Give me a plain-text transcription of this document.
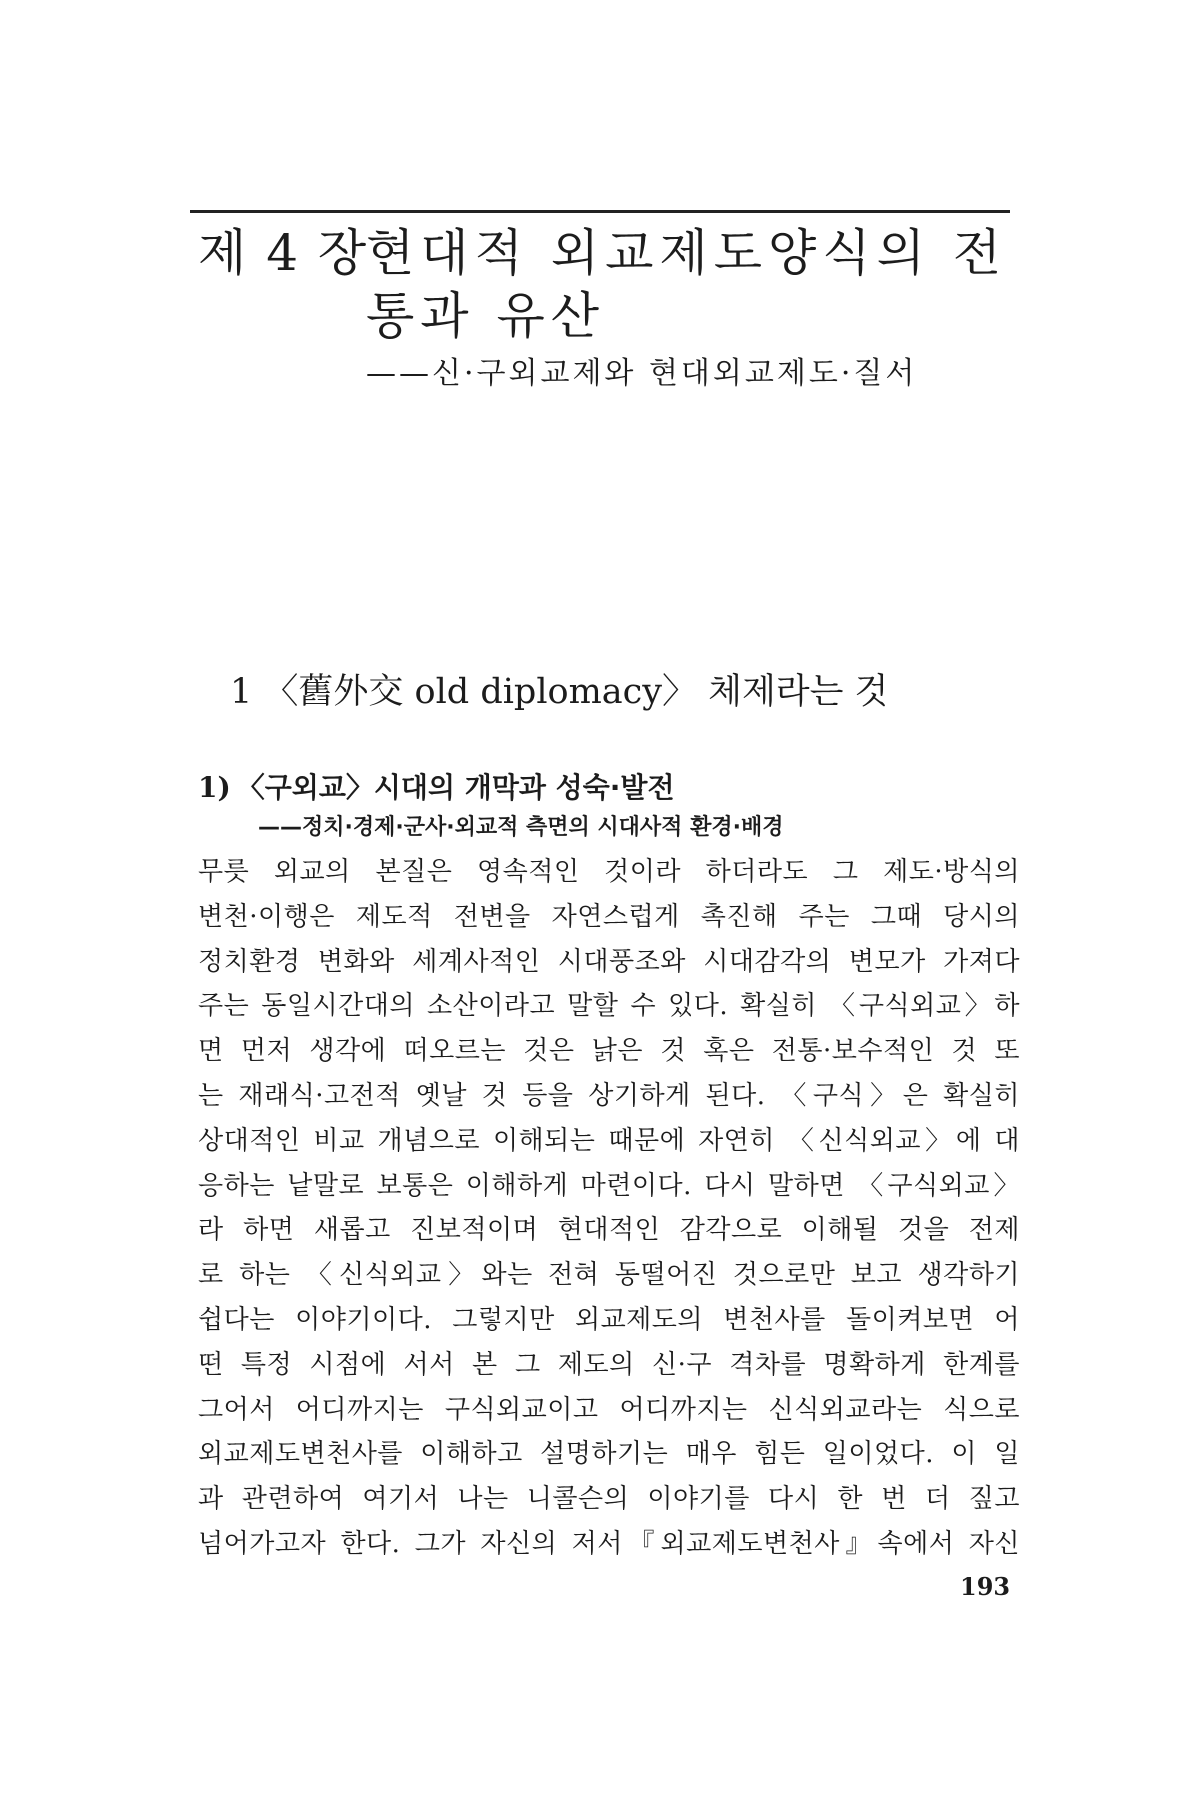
제 4 장
현대적 외교제도양식의 전통과 유산
——신·구외교제와 현대외교제도·질서
1 〈舊外交 old diplomacy〉 체제라는 것
1) 〈구외교〉시대의 개막과 성숙·발전
——정치·경제·군사·외교적 측면의 시대사적 환경·배경
무릇 외교의 본질은 영속적인 것이라 하더라도 그 제도·방식의
변천·이행은 제도적 전변을 자연스럽게 촉진해 주는 그때 당시의
정치환경 변화와 세계사적인 시대풍조와 시대감각의 변모가 가져다
주는 동일시간대의 소산이라고 말할 수 있다. 확실히 〈구식외교〉하
면 먼저 생각에 떠오르는 것은 낡은 것 혹은 전통·보수적인 것 또
는 재래식·고전적 옛날 것 등을 상기하게 된다. 〈구식〉은 확실히
상대적인 비교 개념으로 이해되는 때문에 자연히 〈신식외교〉에 대
응하는 낱말로 보통은 이해하게 마련이다. 다시 말하면 〈구식외교〉
라 하면 새롭고 진보적이며 현대적인 감각으로 이해될 것을 전제
로 하는 〈신식외교〉와는 전혀 동떨어진 것으로만 보고 생각하기
쉽다는 이야기이다. 그렇지만 외교제도의 변천사를 돌이켜보면 어
떤 특정 시점에 서서 본 그 제도의 신·구 격차를 명확하게 한계를
그어서 어디까지는 구식외교이고 어디까지는 신식외교라는 식으로
외교제도변천사를 이해하고 설명하기는 매우 힘든 일이었다. 이 일
과 관련하여 여기서 나는 니콜슨의 이야기를 다시 한 번 더 짚고
넘어가고자 한다. 그가 자신의 저서『외교제도변천사』속에서 자신
193
